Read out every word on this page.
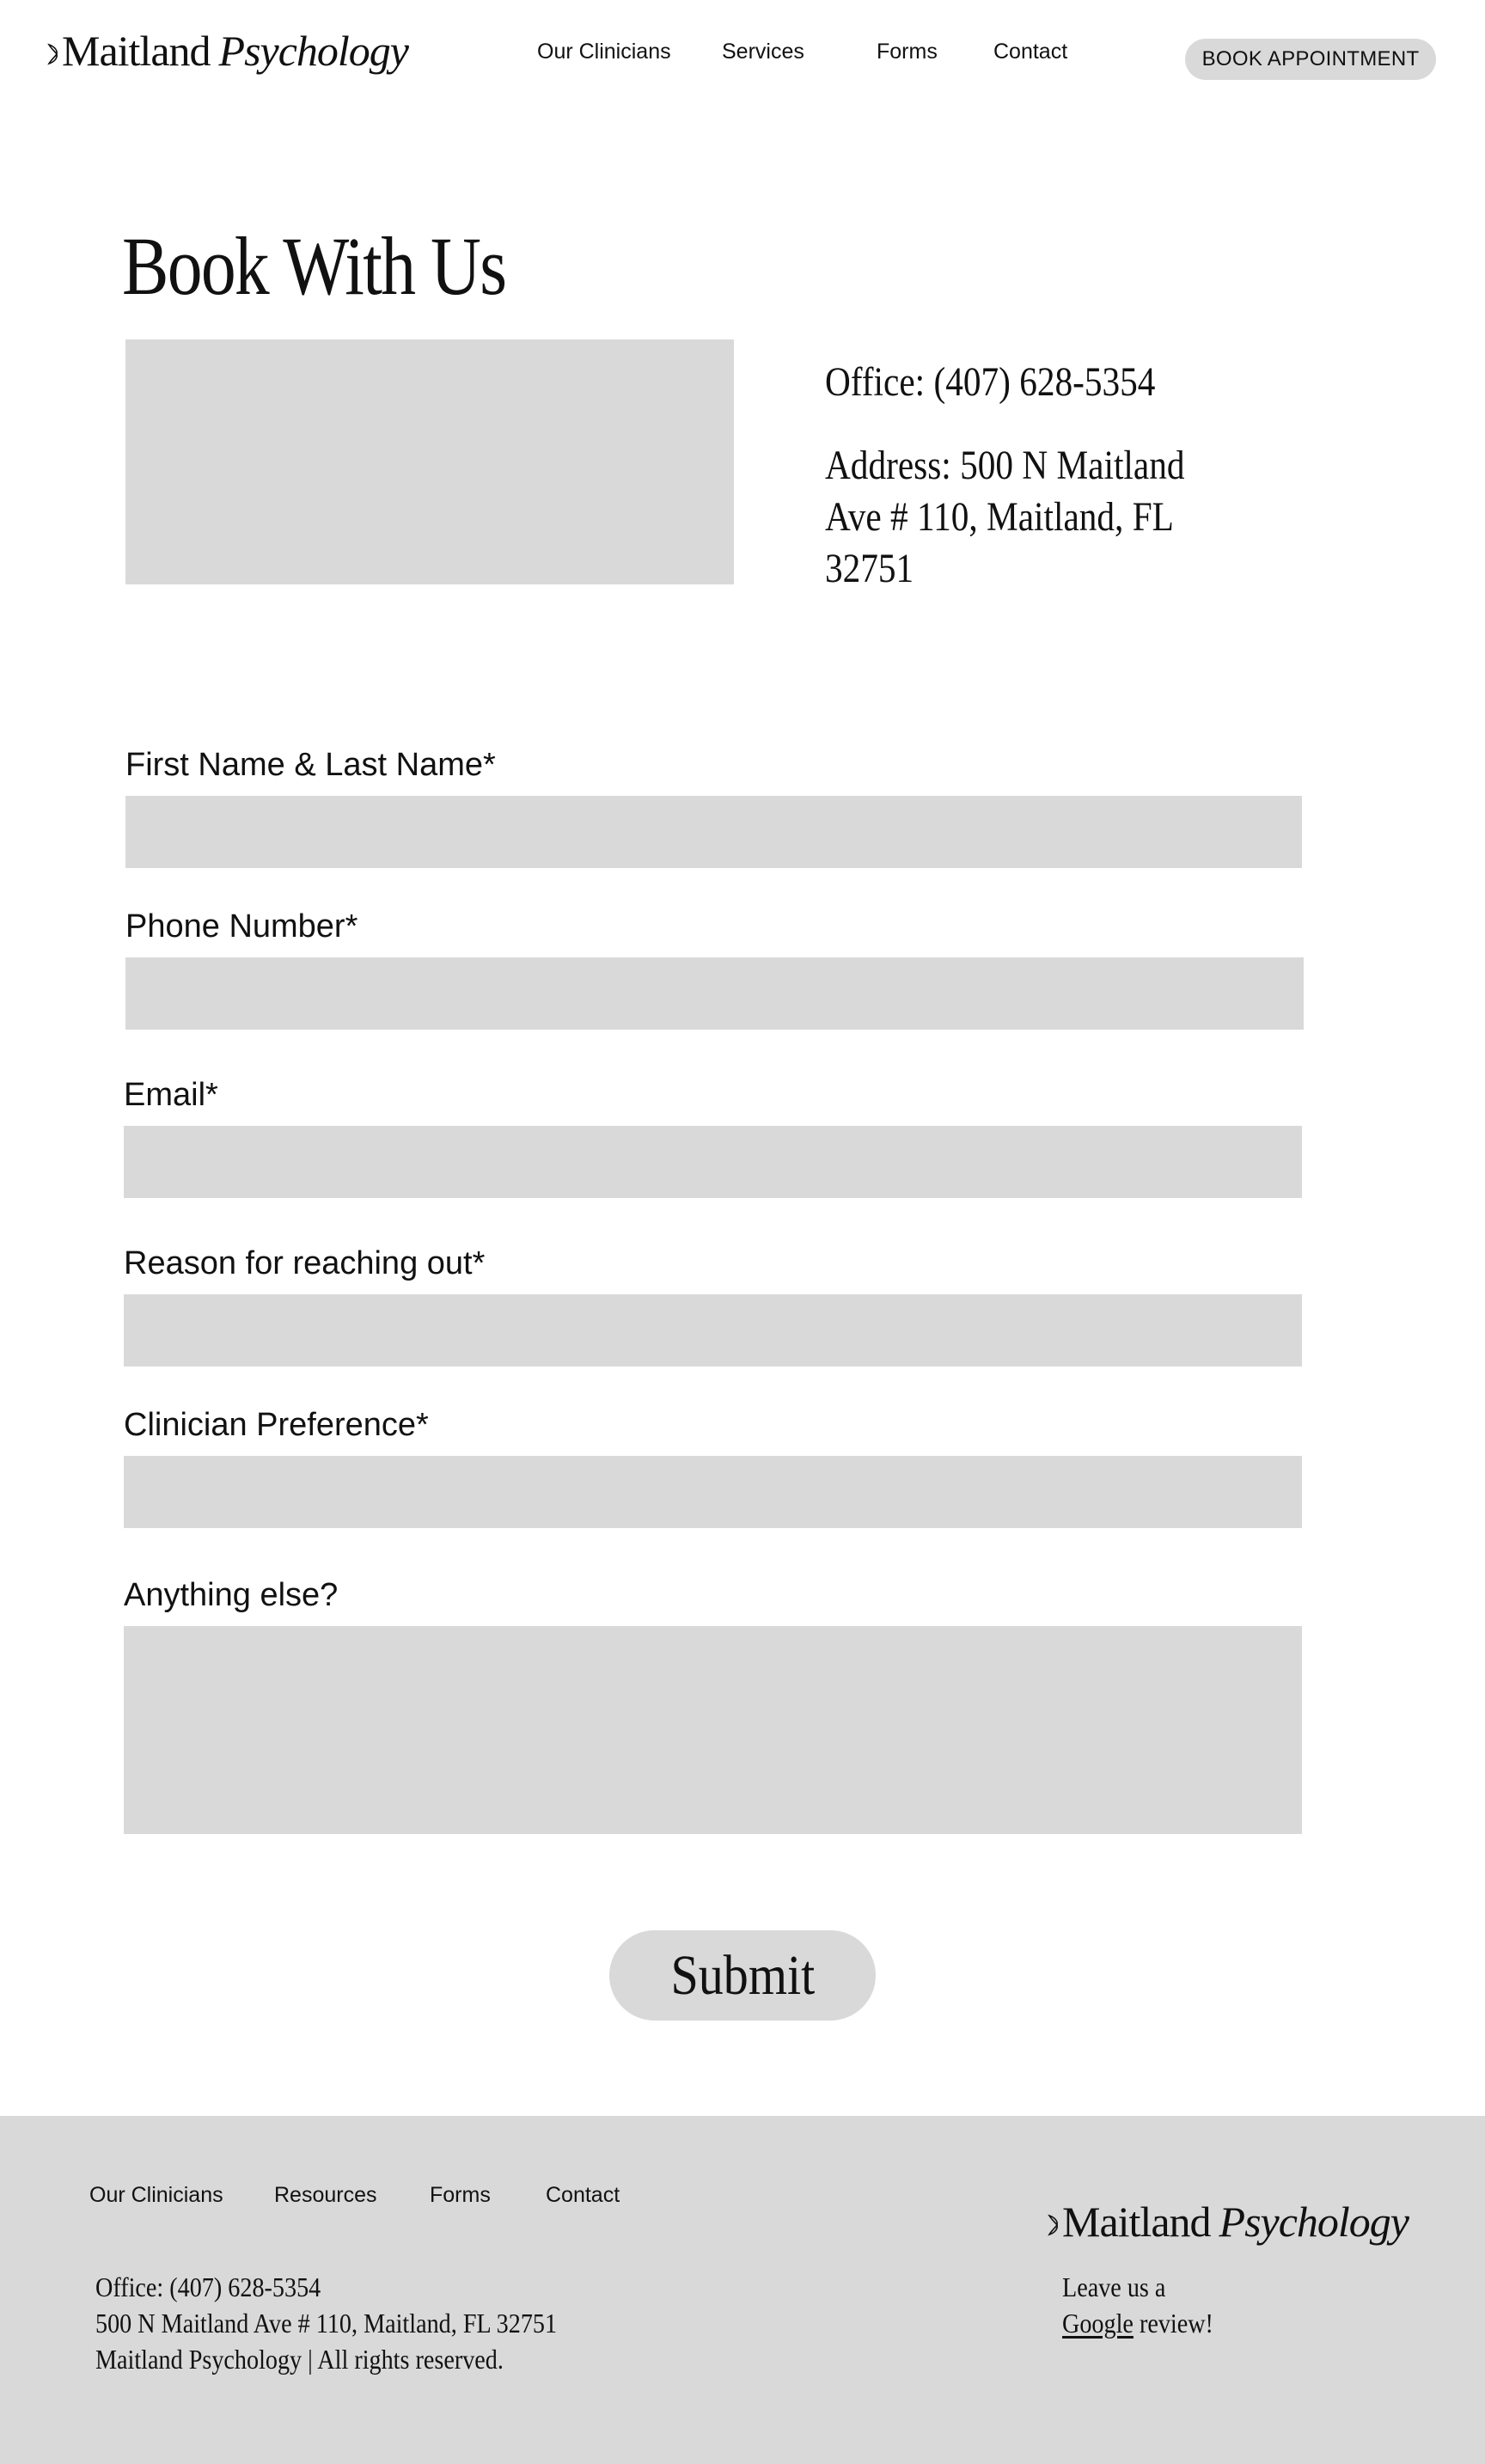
Maitland Psychology	Our Clinicians Services	Forms	Contact	BOOK APPOINTMENT
Book With Us
Office: (407) 628-5354
Address: 500 N Maitland Ave # 110, Maitland, FL 32751
First Name & Last Name*
Phone Number*
Email*
Reason for reaching out*
Clinician Preference*
Anything else?
Submit
Our Clinicians Resources Forms	Contact
Office: (407) 628-5354
500 N Maitland Ave # 110, Maitland, FL 32751
Maitland Psychology | All rights reserved.
Maitland Psychology
Leave us a
Google review!
